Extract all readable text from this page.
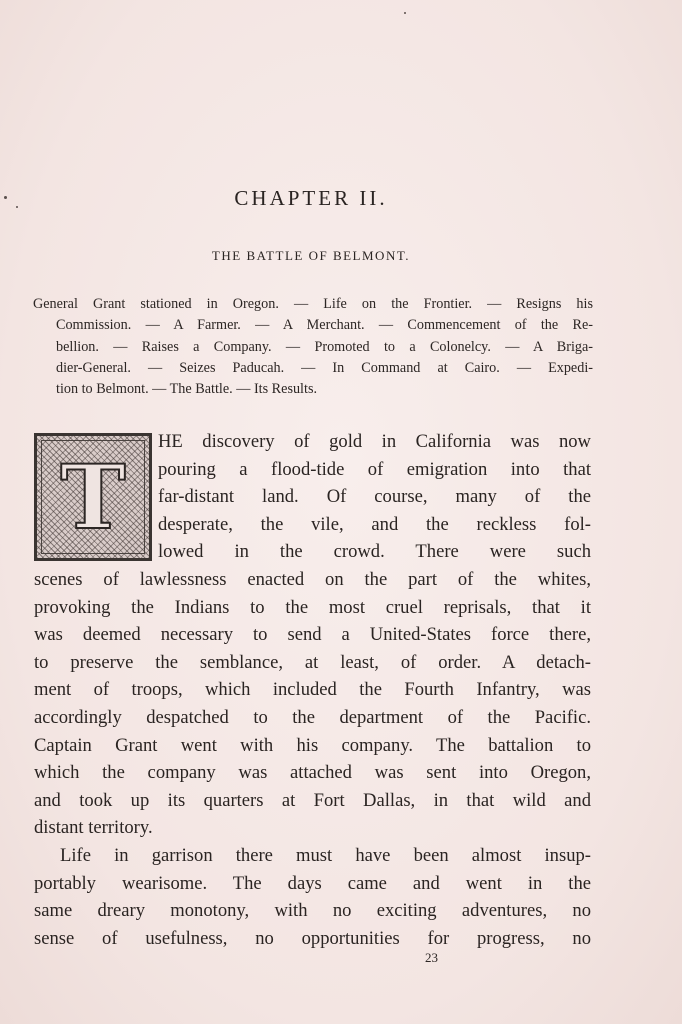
CHAPTER II.
THE BATTLE OF BELMONT.
General Grant stationed in Oregon. — Life on the Frontier. — Resigns his
Commission. — A Farmer. — A Merchant. — Commencement of the Re-
bellion. — Raises a Company. — Promoted to a Colonelcy. — A Briga-
dier-General. — Seizes Paducah. — In Command at Cairo. — Expedi-
tion to Belmont. — The Battle. — Its Results.
T
HE discovery of gold in California was now
pouring a flood-tide of emigration into that
far-distant land. Of course, many of the
desperate, the vile, and the reckless fol-
lowed in the crowd. There were such
scenes of lawlessness enacted on the part of the whites,
provoking the Indians to the most cruel reprisals, that it
was deemed necessary to send a United-States force there,
to preserve the semblance, at least, of order. A detach-
ment of troops, which included the Fourth Infantry, was
accordingly despatched to the department of the Pacific.
Captain Grant went with his company. The battalion to
which the company was attached was sent into Oregon,
and took up its quarters at Fort Dallas, in that wild and
distant territory.
Life in garrison there must have been almost insup-
portably wearisome. The days came and went in the
same dreary monotony, with no exciting adventures, no
sense of usefulness, no opportunities for progress, no
23
